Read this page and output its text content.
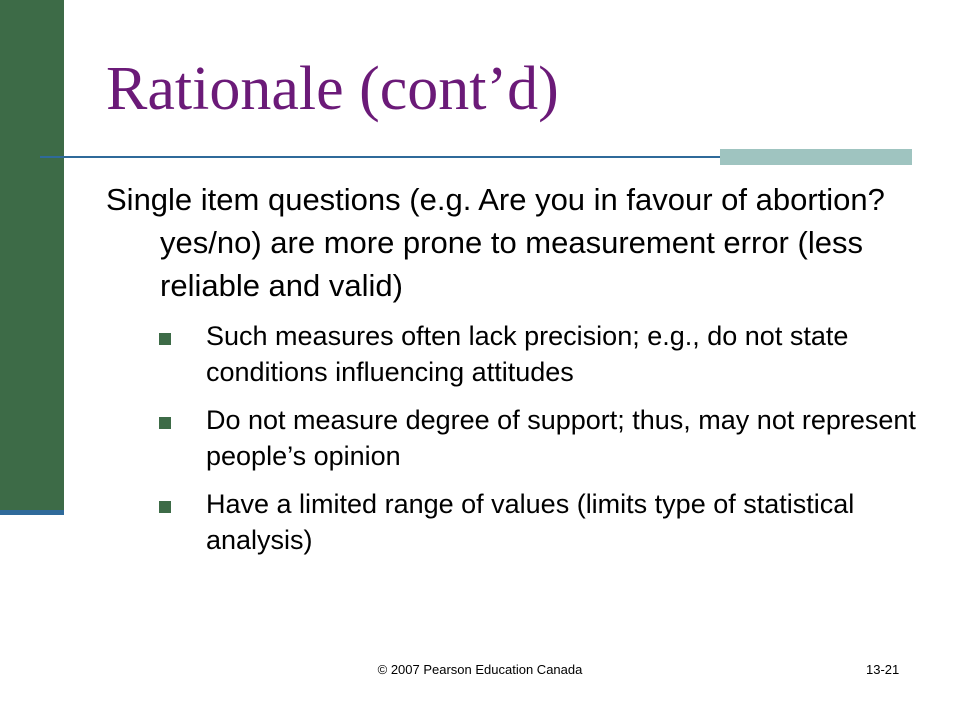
Rationale (cont’d)
Single item questions (e.g. Are you in favour of abortion? yes/no) are more prone to measurement error (less reliable and valid)
Such measures often lack precision; e.g., do not state conditions influencing attitudes
Do not measure degree of support; thus, may not represent people’s opinion
Have a limited range of values (limits type of statistical analysis)
© 2007 Pearson Education Canada	13-21
